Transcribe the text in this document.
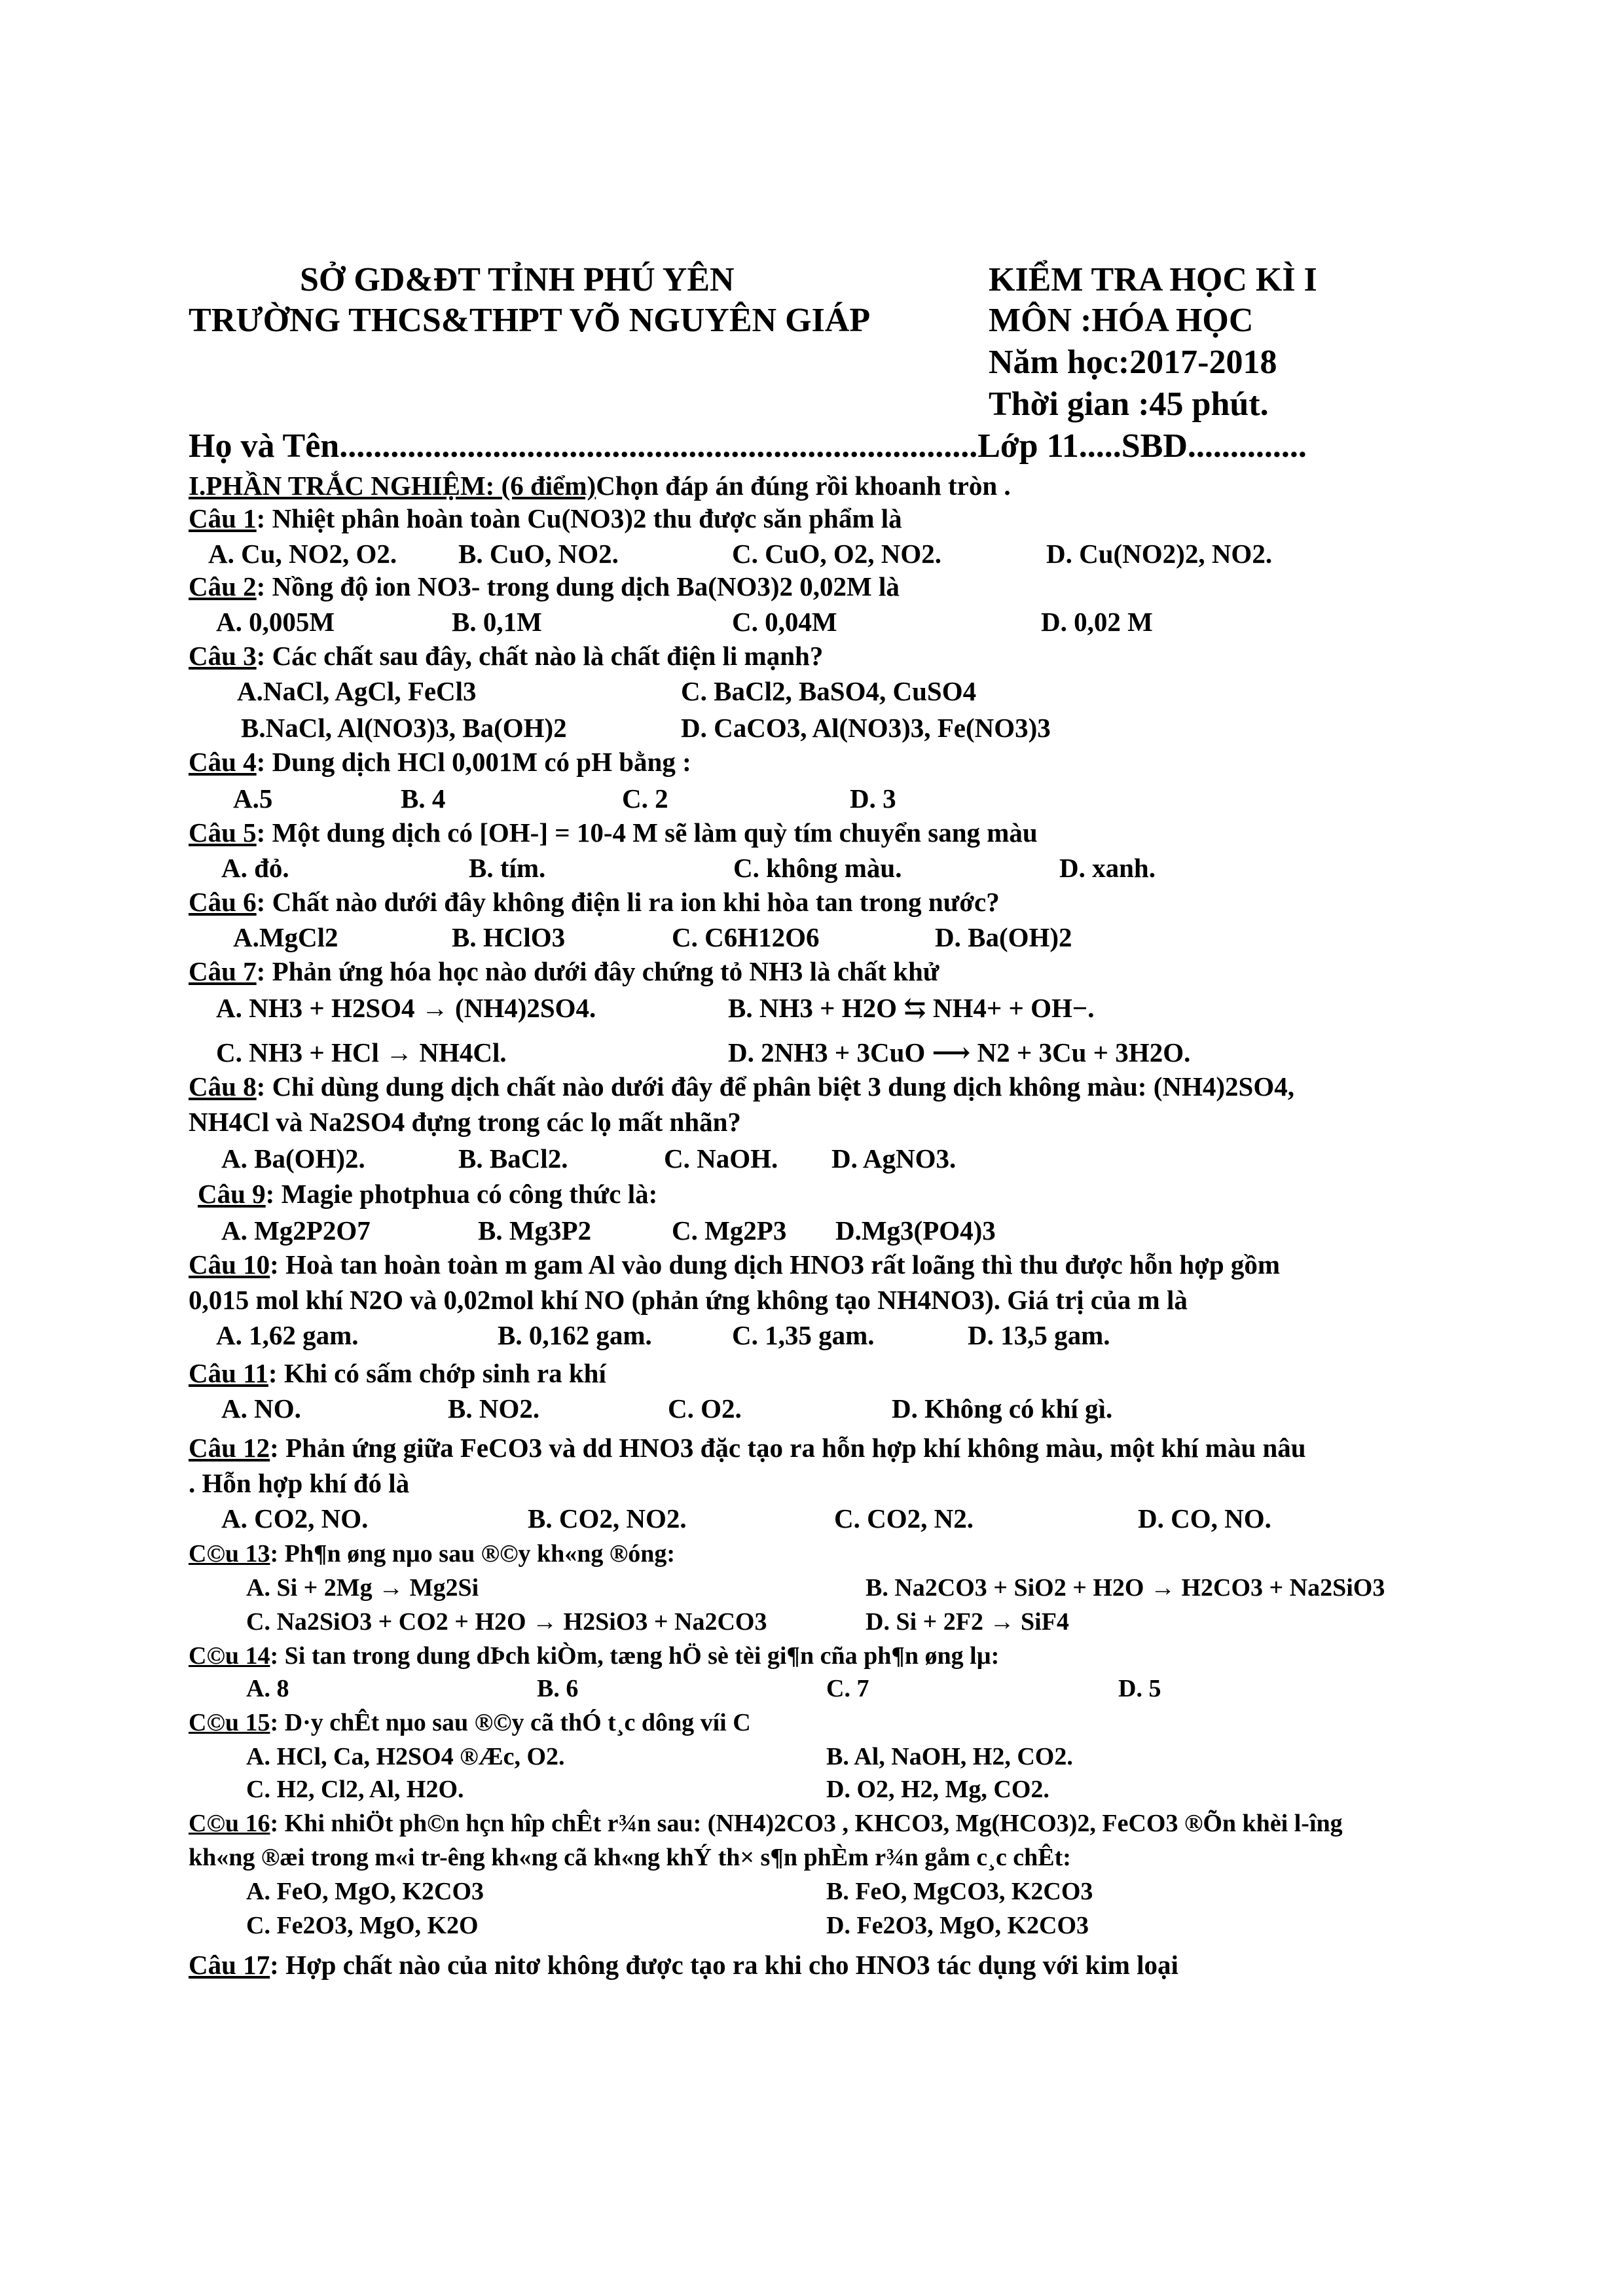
SỞ GD&ĐT TỈNH PHÚ YÊN	KIỂM TRA HỌC KÌ I
TRƯỜNG THCS&THPT VÕ NGUYÊN GIÁP	MÔN :HÓA HỌC
Năm học:2017-2018
Thời gian :45 phút.
Họ và Tên...........................................................................Lớp 11.....SBD..............
I.PHẦN TRẮC NGHIỆM: (6 điểm)Chọn đáp án đúng rồi khoanh tròn .
Câu 1: Nhiệt phân hoàn toàn Cu(NO3)2 thu được săn phẩm là
A. Cu, NO2, O2. B. CuO, NO2.	C. CuO, O2, NO2.	D. Cu(NO2)2, NO2.
Câu 2: Nồng độ ion NO3- trong dung dịch Ba(NO3)2 0,02M là
A. 0,005M	B. 0,1M	C. 0,04M	D. 0,02 M
Câu 3: Các chất sau đây, chất nào là chất điện li mạnh?
A.NaCl, AgCl, FeCl3	C. BaCl2, BaSO4, CuSO4
B.NaCl, Al(NO3)3, Ba(OH)2	D. CaCO3, Al(NO3)3, Fe(NO3)3
Câu 4: Dung dịch HCl 0,001M có pH bằng :
A.5	B. 4	C. 2	D. 3
Câu 5: Một dung dịch có [OH-] = 10-4 M sẽ làm quỳ tím chuyển sang màu
A. đỏ.	B. tím.	C. không màu.	D. xanh.
Câu 6: Chất nào dưới đây không điện li ra ion khi hòa tan trong nước?
A.MgCl2	B. HClO3	C. C6H12O6	D. Ba(OH)2
Câu 7: Phản ứng hóa học nào dưới đây chứng tỏ NH3 là chất khử
A. NH3 + H2SO4 → (NH4)2SO4.	B. NH3 + H2O ⇆ NH4+ + OH−.
C. NH3 + HCl → NH4Cl.	D. 2NH3 + 3CuO ⟶ N2 + 3Cu + 3H2O.
Câu 8: Chỉ dùng dung dịch chất nào dưới đây để phân biệt 3 dung dịch không màu: (NH4)2SO4,
NH4Cl và Na2SO4 đựng trong các lọ mất nhãn?
A. Ba(OH)2.	B. BaCl2.	C. NaOH. D. AgNO3.
Câu 9: Magie photphua có công thức là:
A. Mg2P2O7	B. Mg3P2	C. Mg2P3 D.Mg3(PO4)3
Câu 10: Hoà tan hoàn toàn m gam Al vào dung dịch HNO3 rất loãng thì thu được hỗn hợp gồm
0,015 mol khí N2O và 0,02mol khí NO (phản ứng không tạo NH4NO3). Giá trị của m là
A. 1,62 gam.	B. 0,162 gam.	C. 1,35 gam.	D. 13,5 gam.
Câu 11: Khi có sấm chớp sinh ra khí
A. NO.	B. NO2.	C. O2.	D. Không có khí gì.
Câu 12: Phản ứng giữa FeCO3 và dd HNO3 đặc tạo ra hỗn hợp khí không màu, một khí màu nâu
. Hỗn hợp khí đó là
A. CO2, NO.	B. CO2, NO2.	C. CO2, N2.	D. CO, NO.
C©u 13: Ph¶n øng nµo sau ®©y kh«ng ®óng:
A. Si + 2Mg → Mg2Si	B. Na2CO3 + SiO2 + H2O → H2CO3 + Na2SiO3
C. Na2SiO3 + CO2 + H2O → H2SiO3 + Na2CO3	D. Si + 2F2 → SiF4
C©u 14: Si tan trong dung dÞch kiÒm, tæng hÖ sè tèi gi¶n cña ph¶n øng lµ:
A. 8	B. 6	C. 7	D. 5
C©u 15: D·y chÊt nµo sau ®©y cã thÓ t¸c dông víi C
A. HCl, Ca, H2SO4 ®Æc, O2.	B. Al, NaOH, H2, CO2.
C. H2, Cl2, Al, H2O.	D. O2, H2, Mg, CO2.
C©u 16: Khi nhiÖt ph©n hçn hîp chÊt r¾n sau: (NH4)2CO3 , KHCO3, Mg(HCO3)2, FeCO3 ®Õn khèi l-îng
kh«ng ®æi trong m«i tr-êng kh«ng cã kh«ng khÝ th× s¶n phÈm r¾n gåm c¸c chÊt:
A. FeO, MgO, K2CO3	B. FeO, MgCO3, K2CO3
C. Fe2O3, MgO, K2O	D. Fe2O3, MgO, K2CO3
Câu 17: Hợp chất nào của nitơ không được tạo ra khi cho HNO3 tác dụng với kim loại
